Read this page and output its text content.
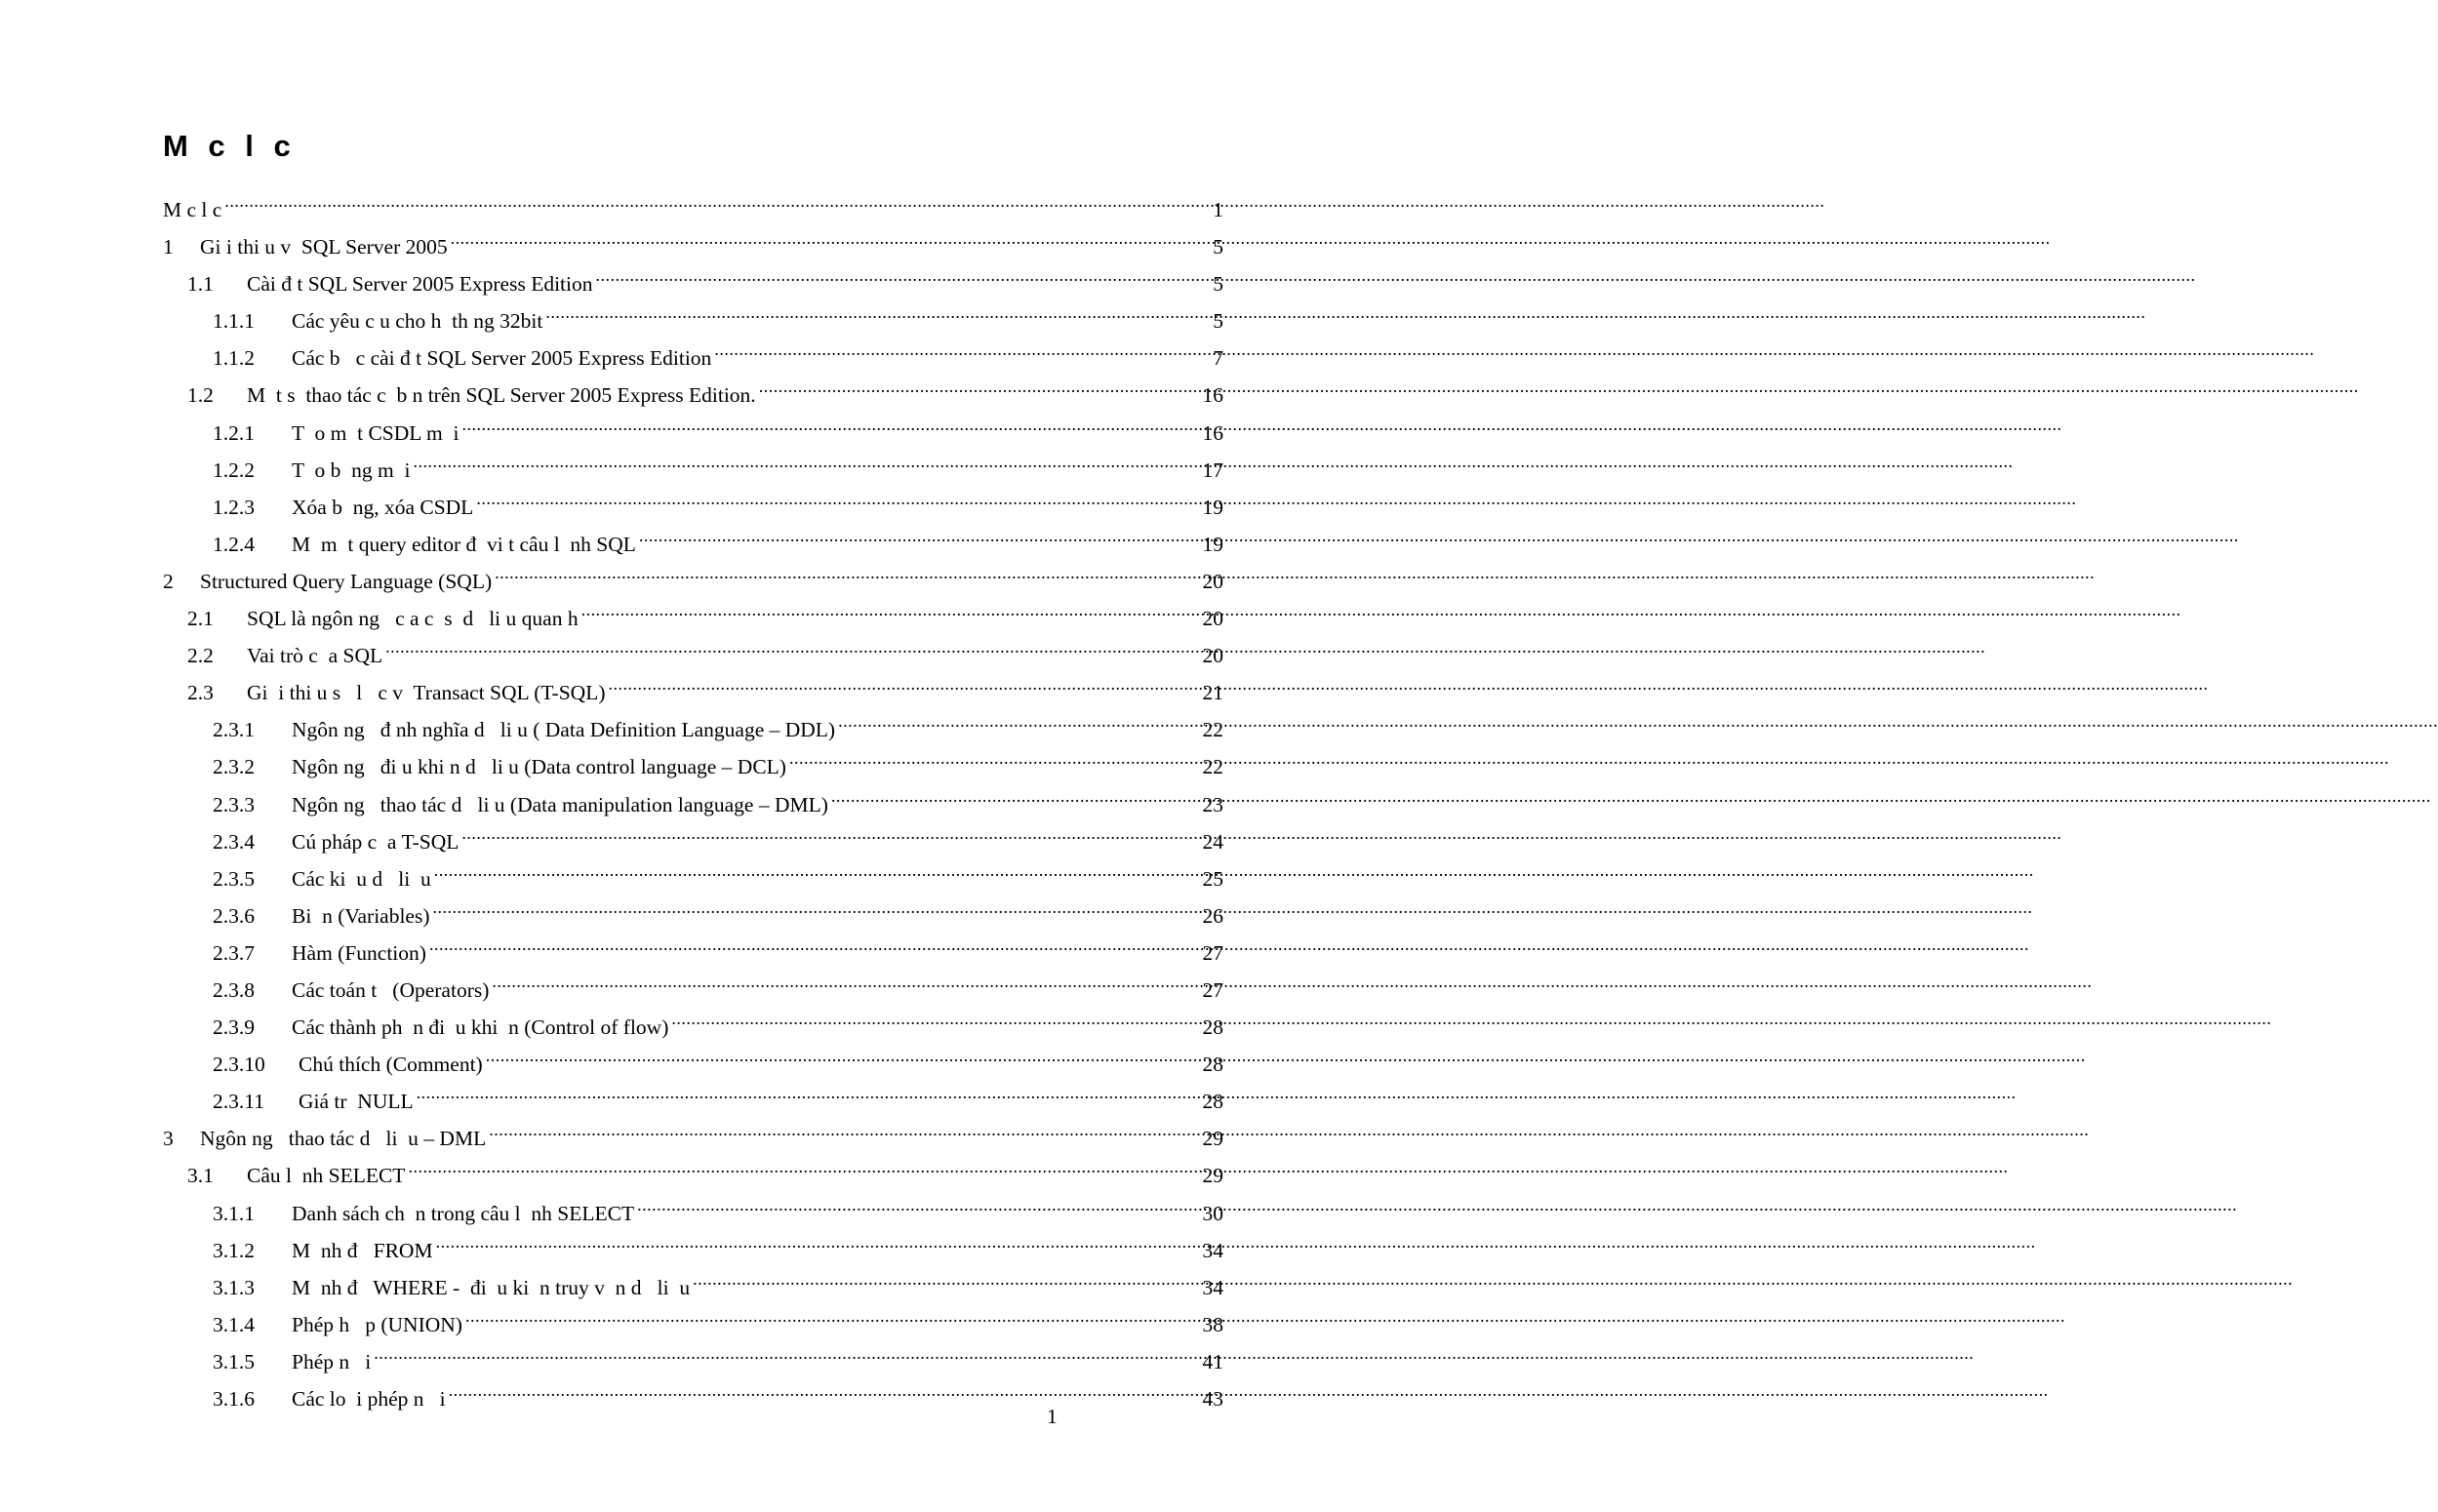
M c l c
M c l c .....	1
1	Gi i thi u v  SQL Server 2005 .....	5
1.1	Cài đ t SQL Server 2005 Express Edition .....	5
1.1.1	Các yêu c u cho h  th ng 32bit .....	5
1.1.2	Các b   c cài đ t SQL Server 2005 Express Edition .....	7
1.2	M  t s  thao tác c  b n trên SQL Server 2005 Express Edition. .....	16
1.2.1	T  o m  t CSDL m  i .....	16
1.2.2	T  o b  ng m  i .....	17
1.2.3	Xóa b  ng, xóa CSDL .....	19
1.2.4	M  m  t query editor đ  vi t câu l  nh SQL .....	19
2	Structured Query Language (SQL) .....	20
2.1	SQL là ngôn ng   c a c  s  d   li u quan h .....	20
2.2	Vai trò c  a SQL .....	20
2.3	Gi  i thi u s   l   c v  Transact SQL (T-SQL) .....	21
2.3.1	Ngôn ng   đ nh nghĩa d   li u ( Data Definition Language – DDL) .....	22
2.3.2	Ngôn ng   đi u khi n d   li u (Data control language – DCL) .....	22
2.3.3	Ngôn ng   thao tác d   li u (Data manipulation language – DML) .....	23
2.3.4	Cú pháp c  a T-SQL .....	24
2.3.5	Các ki  u d   li  u .....	25
2.3.6	Bi  n (Variables) .....	26
2.3.7	Hàm (Function) .....	27
2.3.8	Các toán t   (Operators) .....	27
2.3.9	Các thành ph  n đi  u khi  n (Control of flow) .....	28
2.3.10	Chú thích (Comment) .....	28
2.3.11	Giá tr  NULL .....	28
3	Ngôn ng   thao tác d   li  u – DML .....	29
3.1	Câu l  nh SELECT .....	29
3.1.1	Danh sách ch  n trong câu l  nh SELECT .....	30
3.1.2	M  nh đ   FROM .....	34
3.1.3	M  nh đ   WHERE -  đi  u ki  n truy v  n d   li  u .....	34
3.1.4	Phép h   p (UNION) .....	38
3.1.5	Phép n   i .....	41
3.1.6	Các lo  i phép n   i .....	43
1
